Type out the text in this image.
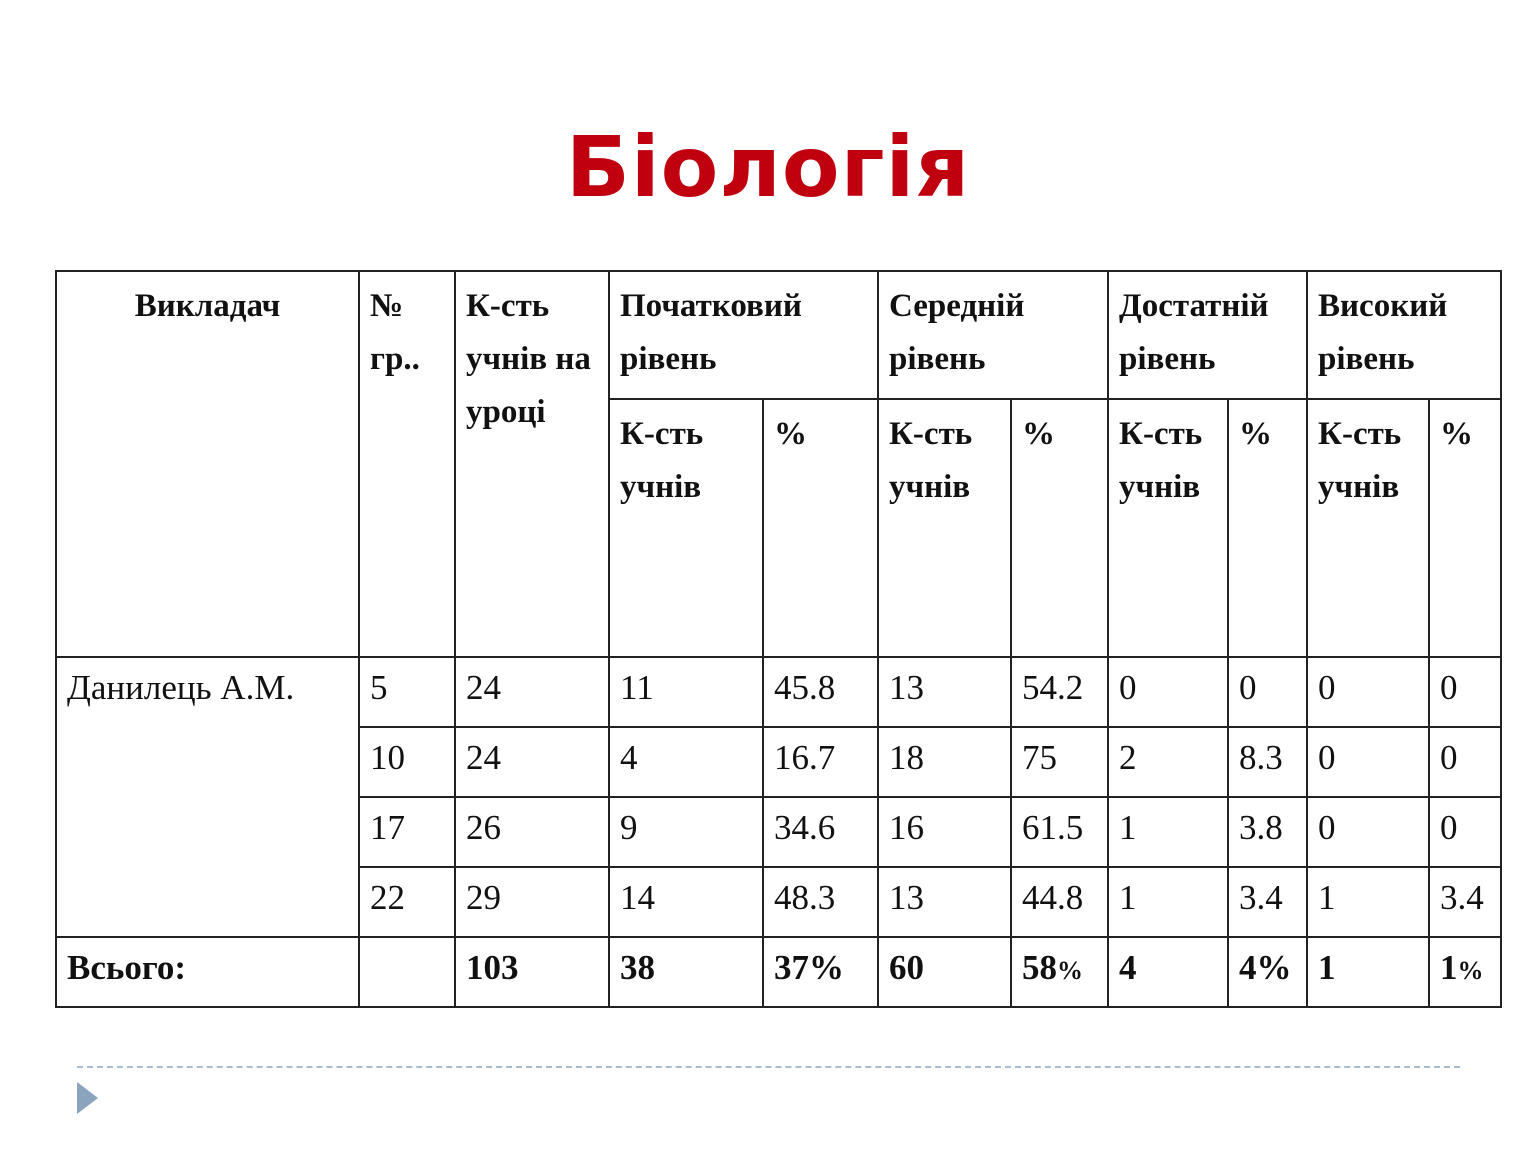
Біологія
Викладач	№ гр..	К-сть учнів на уроці	Початковий рівень		Середній рівень		Достатній рівень		Високий рівень	
			К-сть учнів	%	К-сть учнів	%	К-сть учнів	%	К-сть учнів	%
Данилець А.М.	5	24	11	45.8	13	54.2	0	0	0	0
	10	24	4	16.7	18	75	2	8.3	0	0
	17	26	9	34.6	16	61.5	1	3.8	0	0
	22	29	14	48.3	13	44.8	1	3.4	1	3.4
Всього:		103	38	37%	60	58%	4	4%	1	1%
